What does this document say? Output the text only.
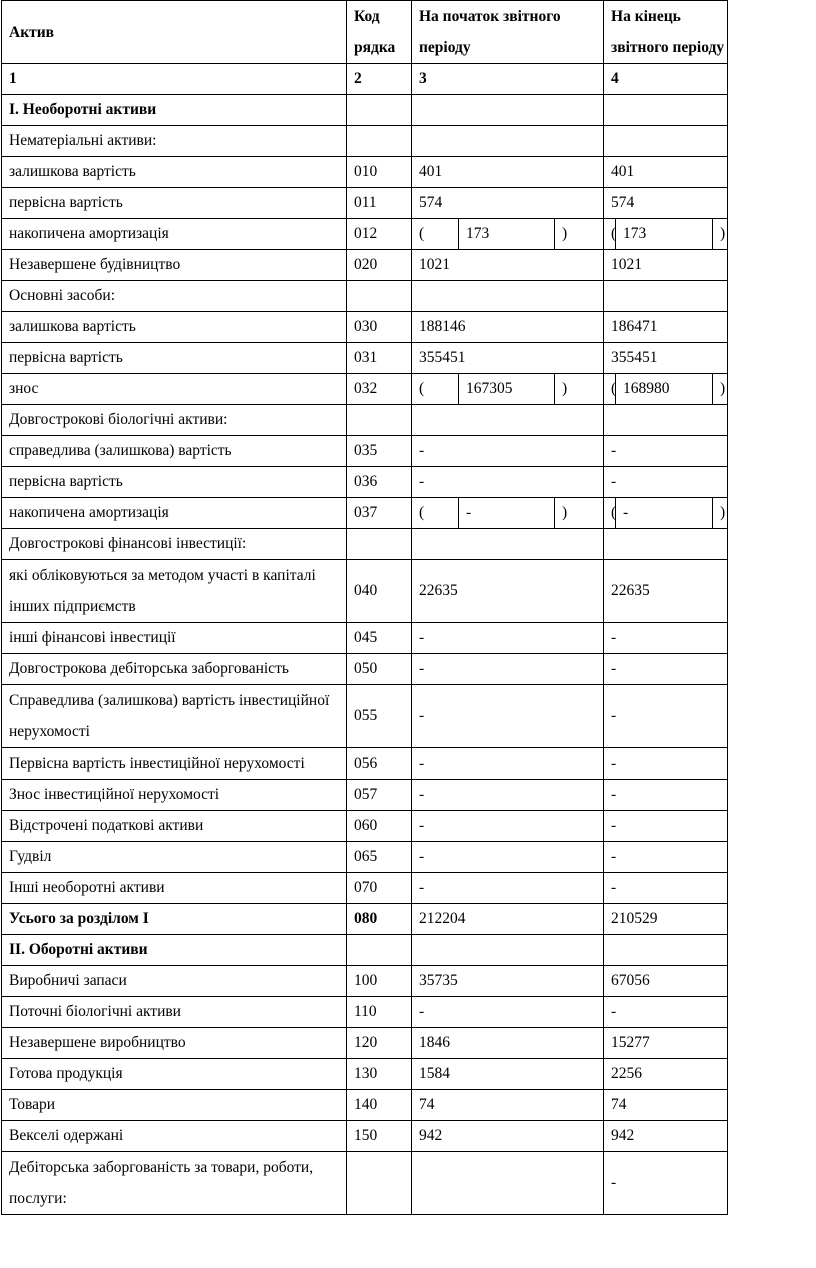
Актив	Код рядка	На початок звітного періоду			На кінець звітного періоду		
1	2	3			4		
I. Необоротні активи							
Нематеріальні активи:							
залишкова вартість	010	401			401		
первісна вартість	011	574			574		
накопичена амортизація	012	(	173	)	(	173	)
Незавершене будівництво	020	1021			1021		
Основні засоби:							
залишкова вартість	030	188146			186471		
первісна вартість	031	355451			355451		
знос	032	(	167305	)	(	168980	)
Довгострокові біологічні активи:							
справедлива (залишкова) вартість	035	-			-		
первісна вартість	036	-			-		
накопичена амортизація	037	(	-	)	(	-	)
Довгострокові фінансові інвестиції:							
які обліковуються за методом участі в капіталі інших підприємств	040	22635			22635		
інші фінансові інвестиції	045	-			-		
Довгострокова дебіторська заборгованість	050	-			-		
Справедлива (залишкова) вартість інвестиційної нерухомості	055	-			-		
Первісна вартість інвестиційної нерухомості	056	-			-		
Знос інвестиційної нерухомості	057	-			-		
Відстрочені податкові активи	060	-			-		
Гудвіл	065	-			-		
Інші необоротні активи	070	-			-		
Усього за розділом I	080	212204			210529		
II. Оборотні активи							
Виробничі запаси	100	35735			67056		
Поточні біологічні активи	110	-			-		
Незавершене виробництво	120	1846			15277		
Готова продукція	130	1584			2256		
Товари	140	74			74		
Векселі одержані	150	942			942		
Дебіторська заборгованість за товари, роботи, послуги:					-		
